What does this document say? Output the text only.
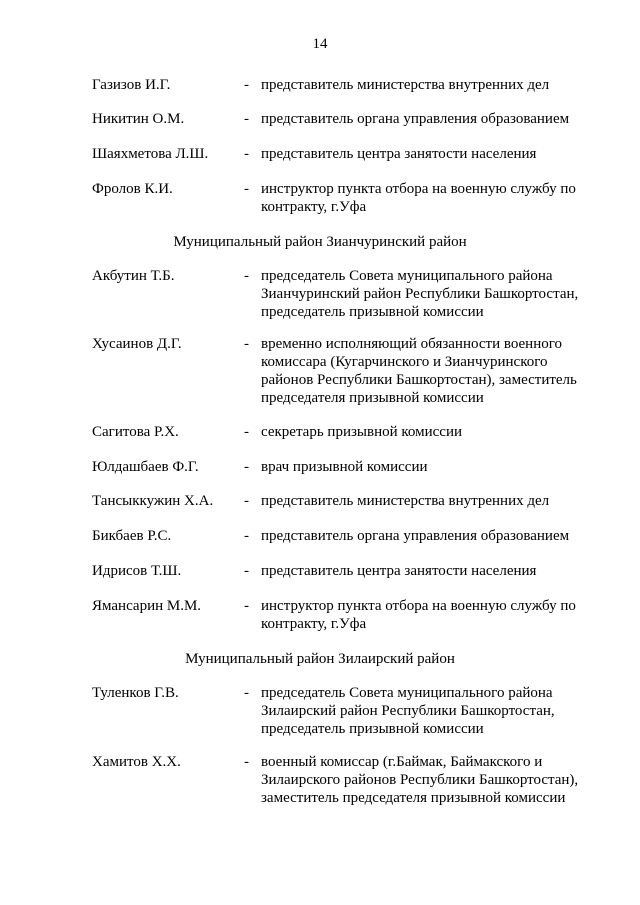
14
Газизов И.Г.	- представитель министерства внутренних дел
Никитин О.М.	- представитель органа управления образованием
Шаяхметова Л.Ш. - представитель центра занятости населения
Фролов К.И.	- инструктор пункта отбора на военную службу по
контракту, г.Уфа
Муниципальный район Зианчуринский район
Акбутин Т.Б.	- председатель Совета муниципального района
Зианчуринский район Республики Башкортостан,
председатель призывной комиссии
Хусаинов Д.Г.	- временно исполняющий обязанности военного
комиссара (Кугарчинского и Зианчуринского
районов Республики Башкортостан), заместитель
председателя призывной комиссии
Сагитова Р.Х.	- секретарь призывной комиссии
Юлдашбаев Ф.Г.	- врач призывной комиссии
Тансыккужин Х.А. - представитель министерства внутренних дел
Бикбаев Р.С.	- представитель органа управления образованием
Идрисов Т.Ш.	- представитель центра занятости населения
Ямансарин М.М.	- инструктор пункта отбора на военную службу по
контракту, г.Уфа
Муниципальный район Зилаирский район
Туленков Г.В.	- председатель Совета муниципального района
Зилаирский район Республики Башкортостан,
председатель призывной комиссии
Хамитов Х.Х.	- военный комиссар (г.Баймак, Баймакского и
Зилаирского районов Республики Башкортостан),
заместитель председателя призывной комиссии
